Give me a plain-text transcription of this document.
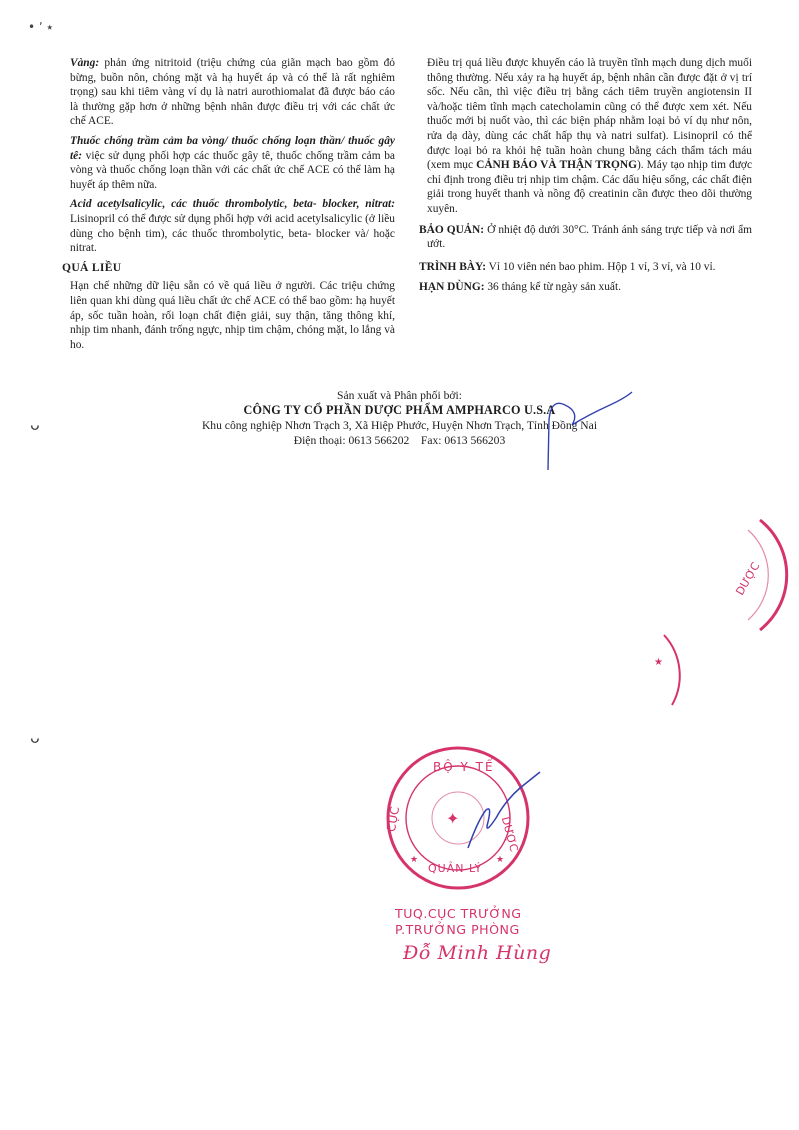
• ʼ ٭
ᴗ
ᴗ

Vàng: phản ứng nitritoid (triệu chứng của giãn mạch bao gồm đỏ bừng, buồn nôn, chóng mặt và hạ huyết áp và có thể là rất nghiêm trọng) sau khi tiêm vàng ví dụ là natri aurothiomalat đã được báo cáo là thường gặp hơn ở những bệnh nhân được điều trị với các chất ức chế ACE.

Thuốc chống trầm cảm ba vòng/ thuốc chống loạn thần/ thuốc gây tê: việc sử dụng phối hợp các thuốc gây tê, thuốc chống trầm cảm ba vòng và thuốc chống loạn thần với các chất ức chế ACE có thể làm hạ huyết áp thêm nữa.

Acid acetylsalicylic, các thuốc thrombolytic, beta- blocker, nitrat: Lisinopril có thể được sử dụng phối hợp với acid acetylsalicylic (ở liều dùng cho bệnh tim), các thuốc thrombolytic, beta- blocker và/ hoặc nitrat.

QUÁ LIỀU

Hạn chế những dữ liệu sẵn có về quá liều ở người. Các triệu chứng liên quan khi dùng quá liều chất ức chế ACE có thể bao gồm: hạ huyết áp, sốc tuần hoàn, rối loạn chất điện giải, suy thận, tăng thông khí, nhịp tim nhanh, đánh trống ngực, nhịp tim chậm, chóng mặt, lo lắng và ho.

Điều trị quá liều được khuyến cáo là truyền tĩnh mạch dung dịch muối thông thường. Nếu xảy ra hạ huyết áp, bệnh nhân cần được đặt ở vị trí sốc. Nếu cần, thì việc điều trị bằng cách tiêm truyền angiotensin II và/hoặc tiêm tĩnh mạch catecholamin cũng có thể được xem xét. Nếu thuốc mới bị nuốt vào, thì các biện pháp nhằm loại bỏ ví dụ như nôn, rửa dạ dày, dùng các chất hấp thụ và natri sulfat). Lisinopril có thể được loại bỏ ra khỏi hệ tuần hoàn chung bằng cách thẩm tách máu (xem mục CẢNH BÁO VÀ THẬN TRỌNG). Máy tạo nhịp tim được chỉ định trong điều trị nhịp tim chậm. Các dấu hiệu sống, các chất điện giải trong huyết thanh và nồng độ creatinin cần được theo dõi thường xuyên.

BẢO QUẢN: Ở nhiệt độ dưới 30°C. Tránh ánh sáng trực tiếp và nơi ẩm ướt.

TRÌNH BÀY: Vỉ 10 viên nén bao phim. Hộp 1 vỉ, 3 vỉ, và 10 vỉ.

HẠN DÙNG: 36 tháng kể từ ngày sản xuất.

Sản xuất và Phân phối bởi:
CÔNG TY CỔ PHẦN DƯỢC PHẨM AMPHARCO U.S.A
Khu công nghiệp Nhơn Trạch 3, Xã Hiệp Phước, Huyện Nhơn Trạch, Tỉnh Đồng Nai
Điện thoại: 0613 566202    Fax: 0613 566203
DƯỢC
★
BỘ Y TẾ
CỤC
QUẢN LÝ
DƯỢC
✦
★	★
TUQ.CỤC TRƯỞNG
P.TRƯỞNG PHÒNG
Đỗ Minh Hùng
